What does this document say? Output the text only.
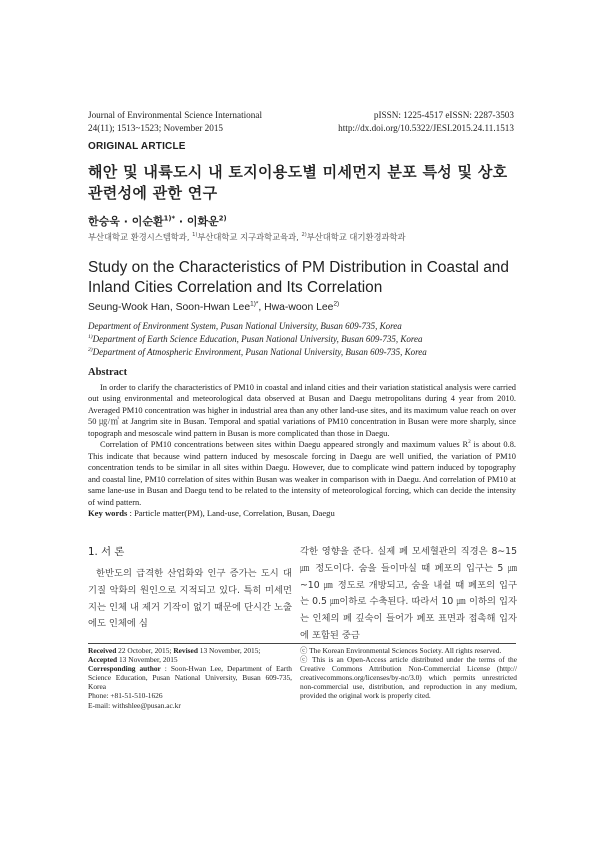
Journal of Environmental Science International
24(11); 1513~1523; November 2015
pISSN: 1225-4517 eISSN: 2287-3503
http://dx.doi.org/10.5322/JESI.2015.24.11.1513
ORIGINAL ARTICLE
해안 및 내륙도시 내 토지이용도별 미세먼지 분포 특성 및 상호 관련성에 관한 연구
한승욱 · 이순환$^{1)*}$ · 이화운$^{2)}$
부산대학교 환경시스템학과, $^{1)}$부산대학교 지구과학교육과, $^{2)}$부산대학교 대기환경과학과
Study on the Characteristics of PM Distribution in Coastal and Inland Cities Correlation and Its Correlation
Seung-Wook Han, Soon-Hwan Lee$^{1)*}$, Hwa-woon Lee$^{2)}$
Department of Environment System, Pusan National University, Busan 609-735, Korea
$^{1)}$Department of Earth Science Education, Pusan National University, Busan 609-735, Korea
$^{2)}$Department of Atmospheric Environment, Pusan National University, Busan 609-735, Korea
Abstract

In order to clarify the characteristics of PM10 in coastal and inland cities and their variation statistical analysis were carried out using environmental and meteorological data observed at Busan and Daegu metropolitans during 4 year from 2010. Averaged PM10 concentration was higher in industrial area than any other land-use sites, and its maximum value reach on over 50 ㎍/㎥ at Jangrim site in Busan. Temporal and spatial variations of PM10 concentration in Busan were more sharply, since topograph and mesoscale wind pattern in Busan is more complicated than those in Daegu.

Correlation of PM10 concentrations between sites within Daegu appeared strongly and maximum values $R^2$ is about 0.8. This indicate that because wind pattern induced by mesoscale forcing in Daegu are well unified, the variation of PM10 concentration tends to be similar in all sites within Daegu. However, due to complicate wind pattern induced by topography and coastal line, PM10 correlation of sites within Busan was weaker in comparison with in Daegu. And correlation of PM10 at same lane-use in Busan and Daegu tend to be related to the intensity of meteorological forcing, which can decide the intensity of wind pattern.

Key words : Particle matter(PM), Land-use, Correlation, Busan, Daegu
1. 서 론

한반도의 급격한 산업화와 인구 증가는 도시 대기질 악화의 원인으로 지적되고 있다. 특히 미세먼지는 인체 내 제거 기작이 없기 때문에 단시간 노출에도 인체에 심

각한 영향을 준다. 실제 폐 모세혈관의 직경은 8∼15 ㎛ 정도이다. 숨을 들이마실 때 폐포의 입구는 5 ㎛~10 ㎛ 정도로 개방되고, 숨을 내쉴 때 폐포의 입구는 0.5 ㎛이하로 수축된다. 따라서 10 ㎛ 이하의 입자는 인체의 폐 깊숙이 들어가 폐포 표면과 접촉해 입자에 포함된 중금
Received 22 October, 2015; Revised 13 November, 2015;
Accepted 13 November, 2015
Corresponding author : Soon-Hwan Lee, Department of Earth Science Education, Pusan National University, Busan 609-735, Korea
Phone: +81-51-510-1626
E-mail: withshlee@pusan.ac.kr
ⓒ The Korean Environmental Sciences Society. All rights reserved.
ⓒ This is an Open-Access article distributed under the terms of the Creative Commons Attribution Non-Commercial License (http:// creativecommons.org/licenses/by-nc/3.0) which permits unrestricted non-commercial use, distribution, and reproduction in any medium, provided the original work is properly cited.
